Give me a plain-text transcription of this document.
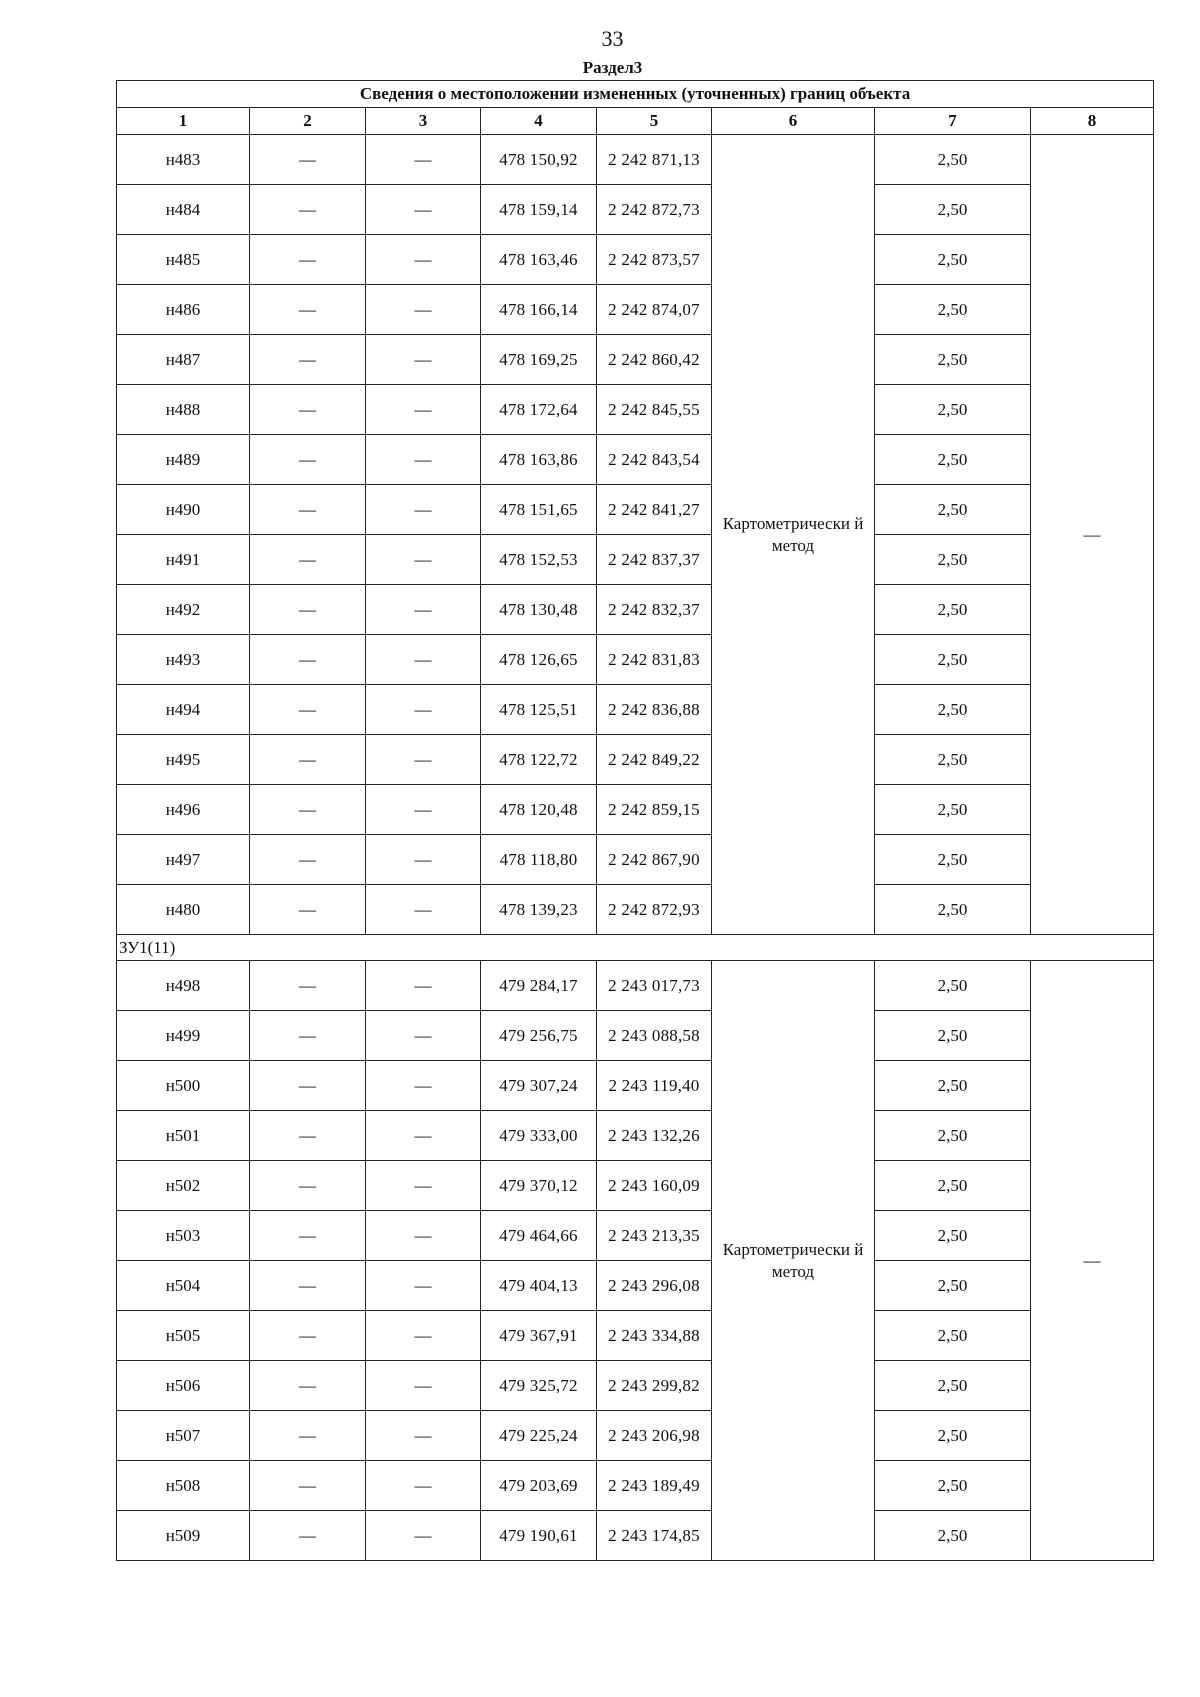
33
Раздел3
Сведения о местоположении измененных (уточненных) границ объекта							
1	2	3	4	5	6	7	8
н483	—	—	478 150,92	2 242 871,13	Картометрически й метод	2,50	—
н484	—	—	478 159,14	2 242 872,73		2,50	
н485	—	—	478 163,46	2 242 873,57		2,50	
н486	—	—	478 166,14	2 242 874,07		2,50	
н487	—	—	478 169,25	2 242 860,42		2,50	
н488	—	—	478 172,64	2 242 845,55		2,50	
н489	—	—	478 163,86	2 242 843,54		2,50	
н490	—	—	478 151,65	2 242 841,27		2,50	
н491	—	—	478 152,53	2 242 837,37		2,50	
н492	—	—	478 130,48	2 242 832,37		2,50	
н493	—	—	478 126,65	2 242 831,83		2,50	
н494	—	—	478 125,51	2 242 836,88		2,50	
н495	—	—	478 122,72	2 242 849,22		2,50	
н496	—	—	478 120,48	2 242 859,15		2,50	
н497	—	—	478 118,80	2 242 867,90		2,50	
н480	—	—	478 139,23	2 242 872,93		2,50	
ЗУ1(11)							
н498	—	—	479 284,17	2 243 017,73	Картометрически й метод	2,50	—
н499	—	—	479 256,75	2 243 088,58		2,50	
н500	—	—	479 307,24	2 243 119,40		2,50	
н501	—	—	479 333,00	2 243 132,26		2,50	
н502	—	—	479 370,12	2 243 160,09		2,50	
н503	—	—	479 464,66	2 243 213,35		2,50	
н504	—	—	479 404,13	2 243 296,08		2,50	
н505	—	—	479 367,91	2 243 334,88		2,50	
н506	—	—	479 325,72	2 243 299,82		2,50	
н507	—	—	479 225,24	2 243 206,98		2,50	
н508	—	—	479 203,69	2 243 189,49		2,50	
н509	—	—	479 190,61	2 243 174,85		2,50	
